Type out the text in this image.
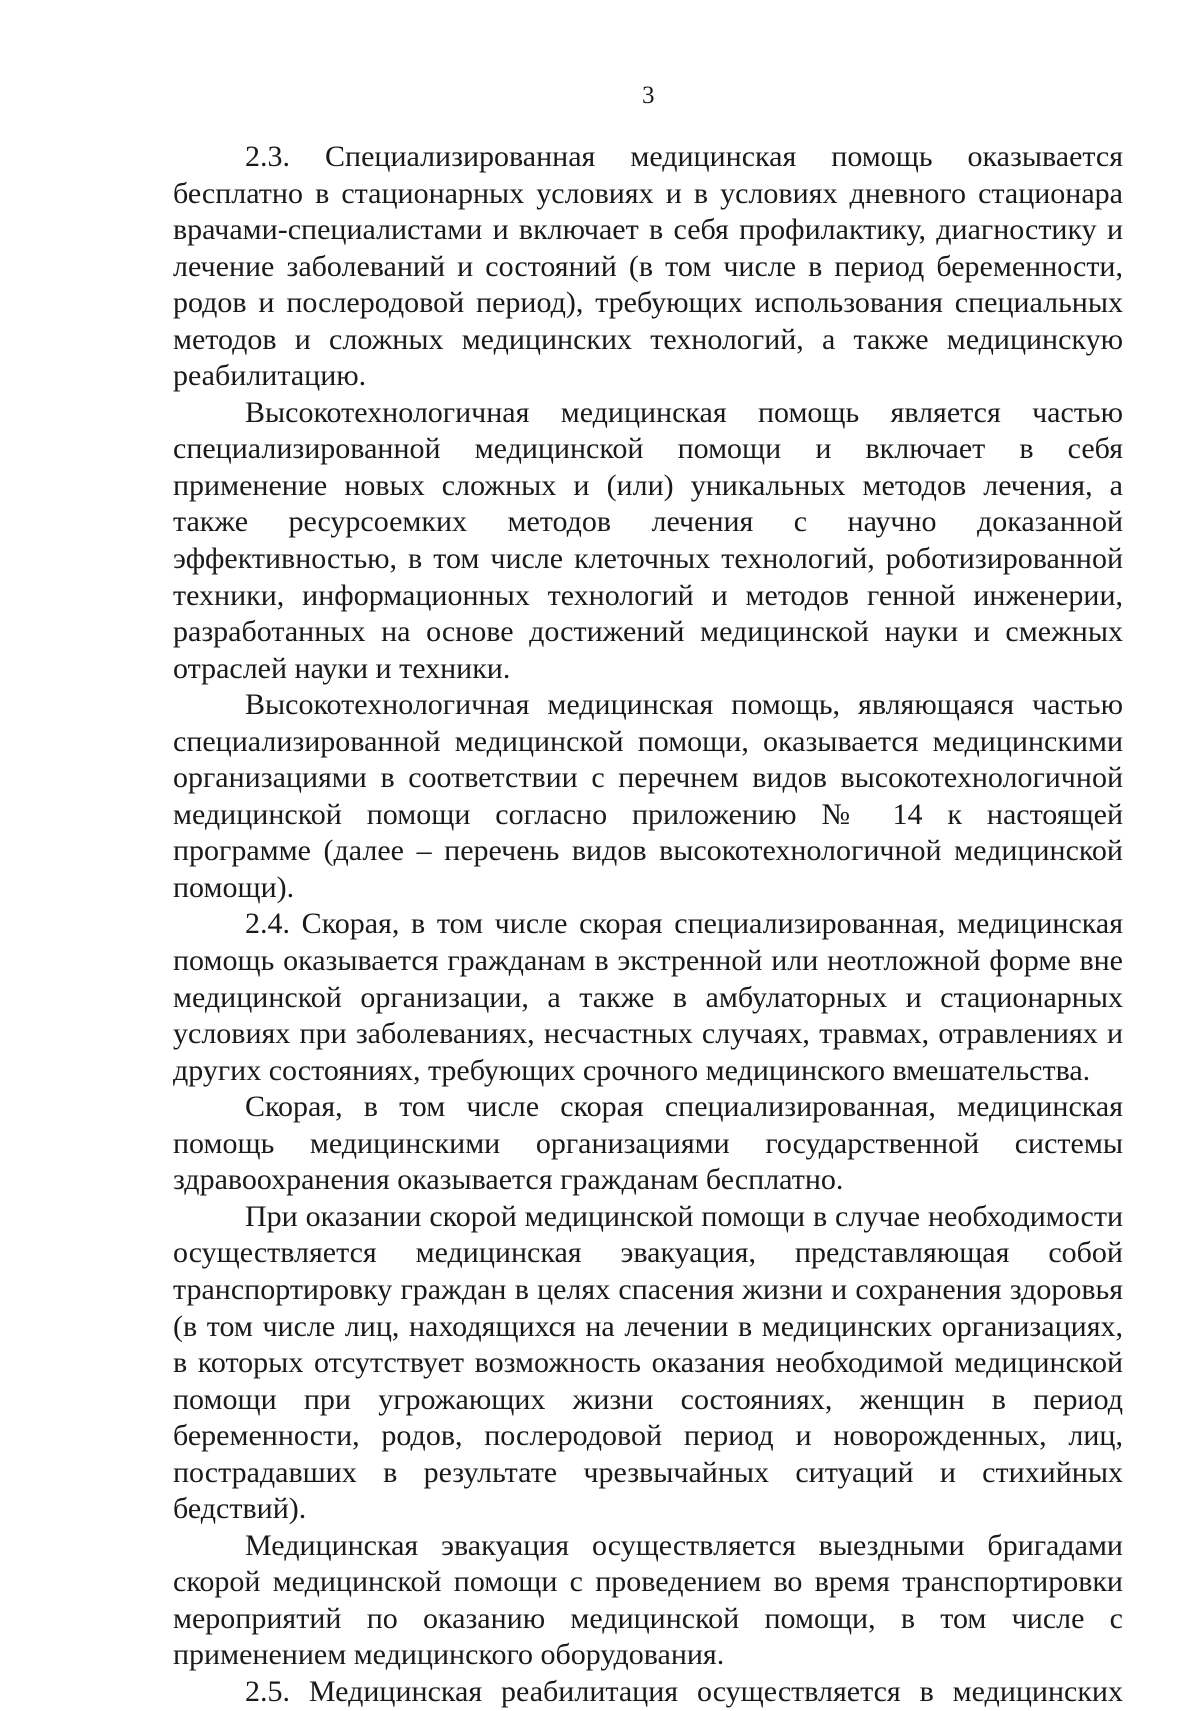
3

2.3. Специализированная медицинская помощь оказывается бесплатно в стационарных условиях и в условиях дневного стационара врачами-специалистами и включает в себя профилактику, диагностику и лечение заболеваний и состояний (в том числе в период беременности, родов и послеродовой период), требующих использования специальных методов и сложных медицинских технологий, а также медицинскую реабилитацию.

Высокотехнологичная медицинская помощь является частью специализированной медицинской помощи и включает в себя применение новых сложных и (или) уникальных методов лечения, а также ресурсоемких методов лечения с научно доказанной эффективностью, в том числе клеточных технологий, роботизированной техники, информационных технологий и методов генной инженерии, разработанных на основе достижений медицинской науки и смежных отраслей науки и техники.

Высокотехнологичная медицинская помощь, являющаяся частью специализированной медицинской помощи, оказывается медицинскими организациями в соответствии с перечнем видов высокотехнологичной медицинской помощи согласно приложению № 14 к настоящей программе (далее – перечень видов высокотехнологичной медицинской помощи).

2.4. Скорая, в том числе скорая специализированная, медицинская помощь оказывается гражданам в экстренной или неотложной форме вне медицинской организации, а также в амбулаторных и стационарных условиях при заболеваниях, несчастных случаях, травмах, отравлениях и других состояниях, требующих срочного медицинского вмешательства.

Скорая, в том числе скорая специализированная, медицинская помощь медицинскими организациями государственной системы здравоохранения оказывается гражданам бесплатно.

При оказании скорой медицинской помощи в случае необходимости осуществляется медицинская эвакуация, представляющая собой транспортировку граждан в целях спасения жизни и сохранения здоровья (в том числе лиц, находящихся на лечении в медицинских организациях, в которых отсутствует возможность оказания необходимой медицинской помощи при угрожающих жизни состояниях, женщин в период беременности, родов, послеродовой период и новорожденных, лиц, пострадавших в результате чрезвычайных ситуаций и стихийных бедствий).

Медицинская эвакуация осуществляется выездными бригадами скорой медицинской помощи с проведением во время транспортировки мероприятий по оказанию медицинской помощи, в том числе с применением медицинского оборудования.

2.5. Медицинская реабилитация осуществляется в медицинских
